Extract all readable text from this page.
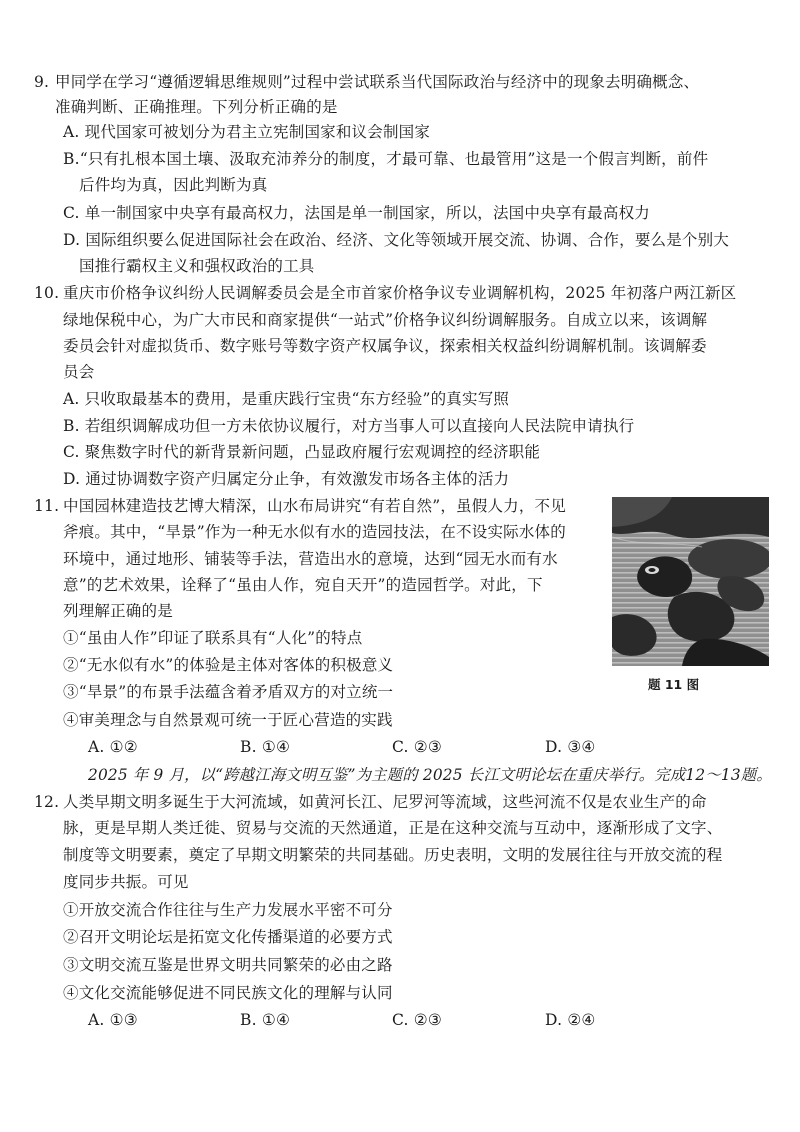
9. 甲同学在学习“遵循逻辑思维规则”过程中尝试联系当代国际政治与经济中的现象去明确概念、
准确判断、正确推理。下列分析正确的是
A. 现代国家可被划分为君主立宪制国家和议会制国家
B.“只有扎根本国土壤、汲取充沛养分的制度，才最可靠、也最管用”这是一个假言判断，前件
后件均为真，因此判断为真
C. 单一制国家中央享有最高权力，法国是单一制国家，所以，法国中央享有最高权力
D. 国际组织要么促进国际社会在政治、经济、文化等领域开展交流、协调、合作，要么是个别大
国推行霸权主义和强权政治的工具
10. 重庆市价格争议纠纷人民调解委员会是全市首家价格争议专业调解机构，2025 年初落户两江新区
绿地保税中心，为广大市民和商家提供“一站式”价格争议纠纷调解服务。自成立以来，该调解
委员会针对虚拟货币、数字账号等数字资产权属争议，探索相关权益纠纷调解机制。该调解委
员会
A. 只收取最基本的费用，是重庆践行宝贵“东方经验”的真实写照
B. 若组织调解成功但一方未依协议履行，对方当事人可以直接向人民法院申请执行
C. 聚焦数字时代的新背景新问题，凸显政府履行宏观调控的经济职能
D. 通过协调数字资产归属定分止争，有效激发市场各主体的活力
11. 中国园林建造技艺博大精深，山水布局讲究“有若自然”，虽假人力，不见
斧痕。其中，“旱景”作为一种无水似有水的造园技法，在不设实际水体的
环境中，通过地形、铺装等手法，营造出水的意境，达到“园无水而有水
意”的艺术效果，诠释了“虽由人作，宛自天开”的造园哲学。对此，下
列理解正确的是
①“虽由人作”印证了联系具有“人化”的特点
②“无水似有水”的体验是主体对客体的积极意义
③“旱景”的布景手法蕴含着矛盾双方的对立统一
④审美理念与自然景观可统一于匠心营造的实践
A. ①②	B. ①④	C. ②③	D. ③④
题 11 图
2025 年 9 月，以“跨越江海文明互鉴”为主题的 2025 长江文明论坛在重庆举行。完成12～13题。
12. 人类早期文明多诞生于大河流域，如黄河长江、尼罗河等流域，这些河流不仅是农业生产的命
脉，更是早期人类迁徙、贸易与交流的天然通道，正是在这种交流与互动中，逐渐形成了文字、
制度等文明要素，奠定了早期文明繁荣的共同基础。历史表明，文明的发展往往与开放交流的程
度同步共振。可见
①开放交流合作往往与生产力发展水平密不可分
②召开文明论坛是拓宽文化传播渠道的必要方式
③文明交流互鉴是世界文明共同繁荣的必由之路
④文化交流能够促进不同民族文化的理解与认同
A. ①③	B. ①④	C. ②③	D. ②④
